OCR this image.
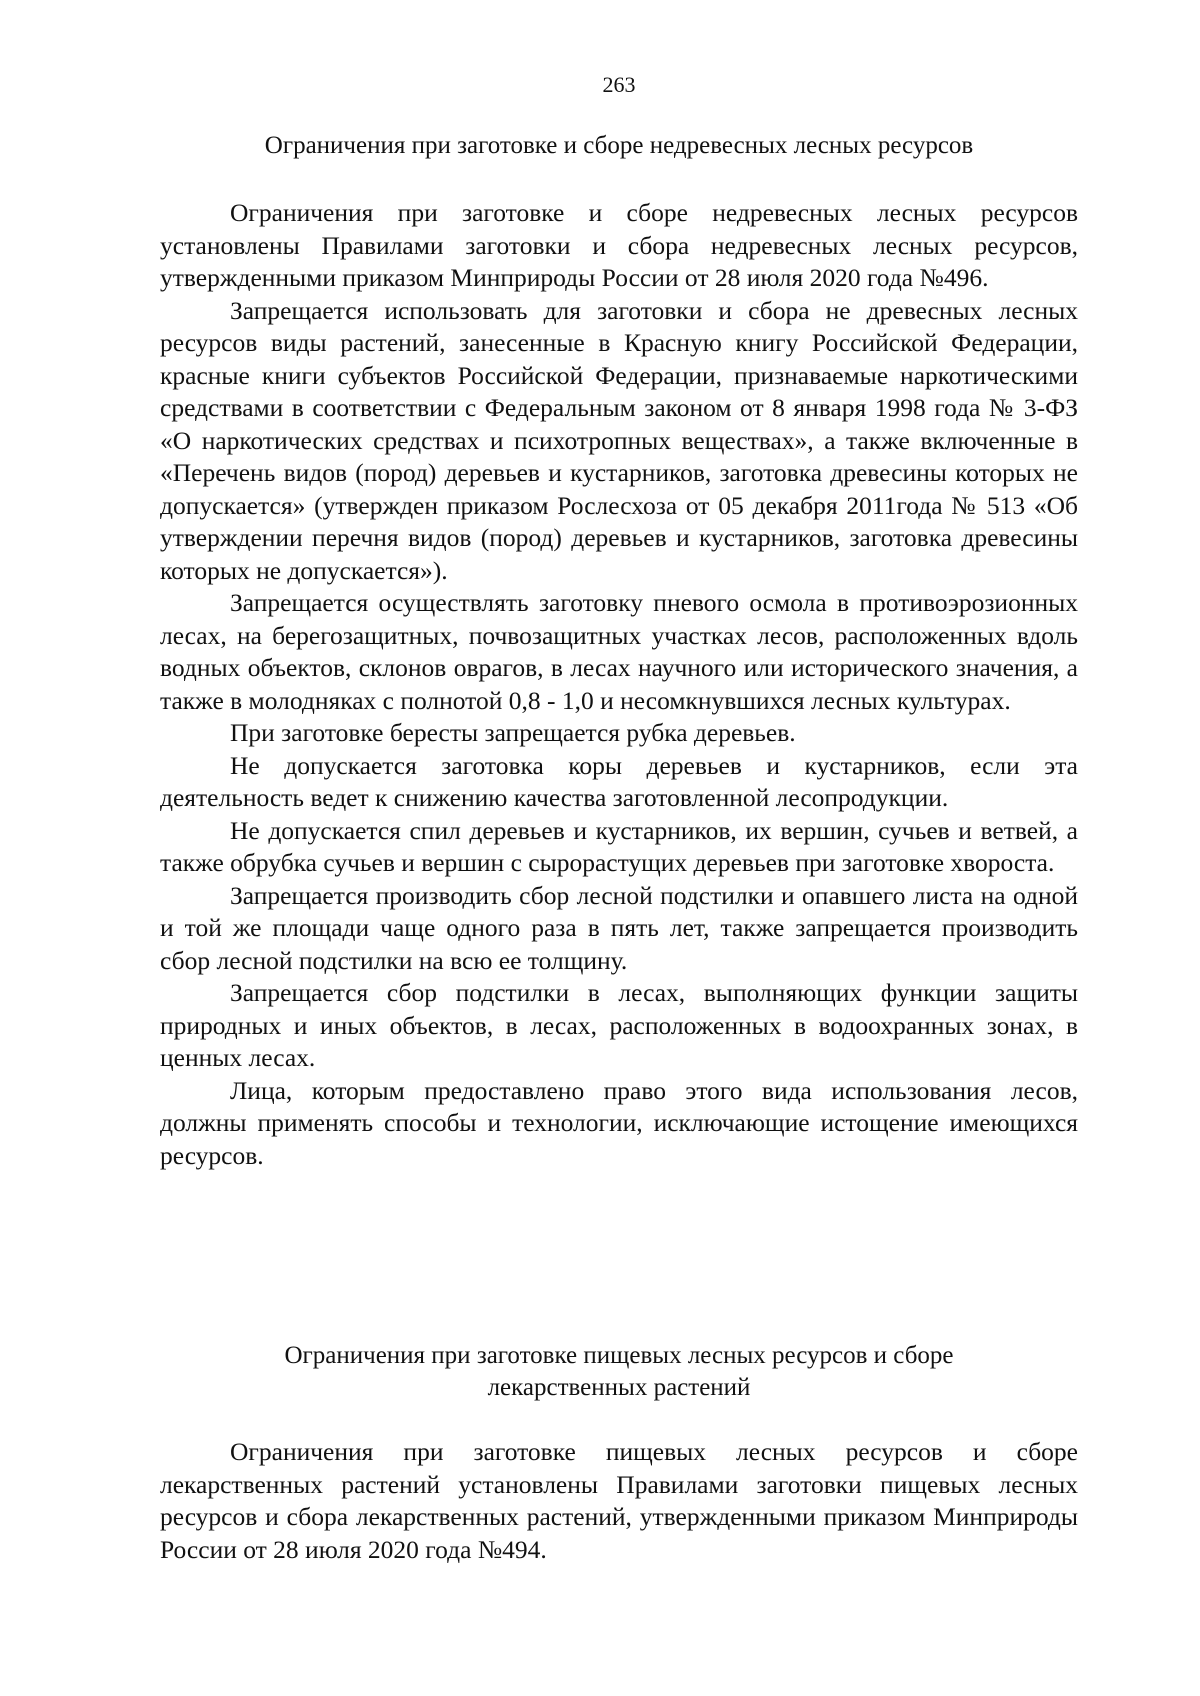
263

Ограничения при заготовке и сборе недревесных лесных ресурсов

Ограничения при заготовке и сборе недревесных лесных ресурсов установлены Правилами заготовки и сбора недревесных лесных ресурсов, утвержденными приказом Минприроды России от 28 июля 2020 года №496.

Запрещается использовать для заготовки и сбора не древесных лесных ресурсов виды растений, занесенные в Красную книгу Российской Федерации, красные книги субъектов Российской Федерации, признаваемые наркотическими средствами в соответствии с Федеральным законом от 8 января 1998 года № 3-ФЗ «О наркотических средствах и психотропных веществах», а также включенные в «Перечень видов (пород) деревьев и кустарников, заготовка древесины которых не допускается» (утвержден приказом Рослесхоза от 05 декабря 2011года № 513 «Об утверждении перечня видов (пород) деревьев и кустарников, заготовка древесины которых не допускается»).

Запрещается осуществлять заготовку пневого осмола в противоэрозионных лесах, на берегозащитных, почвозащитных участках лесов, расположенных вдоль водных объектов, склонов оврагов, в лесах научного или исторического значения, а также в молодняках с полнотой 0,8 - 1,0 и несомкнувшихся лесных культурах.

При заготовке бересты запрещается рубка деревьев.

Не допускается заготовка коры деревьев и кустарников, если эта деятельность ведет к снижению качества заготовленной лесопродукции.

Не допускается спил деревьев и кустарников, их вершин, сучьев и ветвей, а также обрубка сучьев и вершин с сырорастущих деревьев при заготовке хвороста.

Запрещается производить сбор лесной подстилки и опавшего листа на одной и той же площади чаще одного раза в пять лет, также запрещается производить сбор лесной подстилки на всю ее толщину.

Запрещается сбор подстилки в лесах, выполняющих функции защиты природных и иных объектов, в лесах, расположенных в водоохранных зонах, в ценных лесах.

Лица, которым предоставлено право этого вида использования лесов, должны применять способы и технологии, исключающие истощение имеющихся ресурсов.

Ограничения при заготовке пищевых лесных ресурсов и сборе лекарственных растений

Ограничения при заготовке пищевых лесных ресурсов и сборе лекарственных растений установлены Правилами заготовки пищевых лесных ресурсов и сбора лекарственных растений, утвержденными приказом Минприроды России от 28 июля 2020 года №494.
